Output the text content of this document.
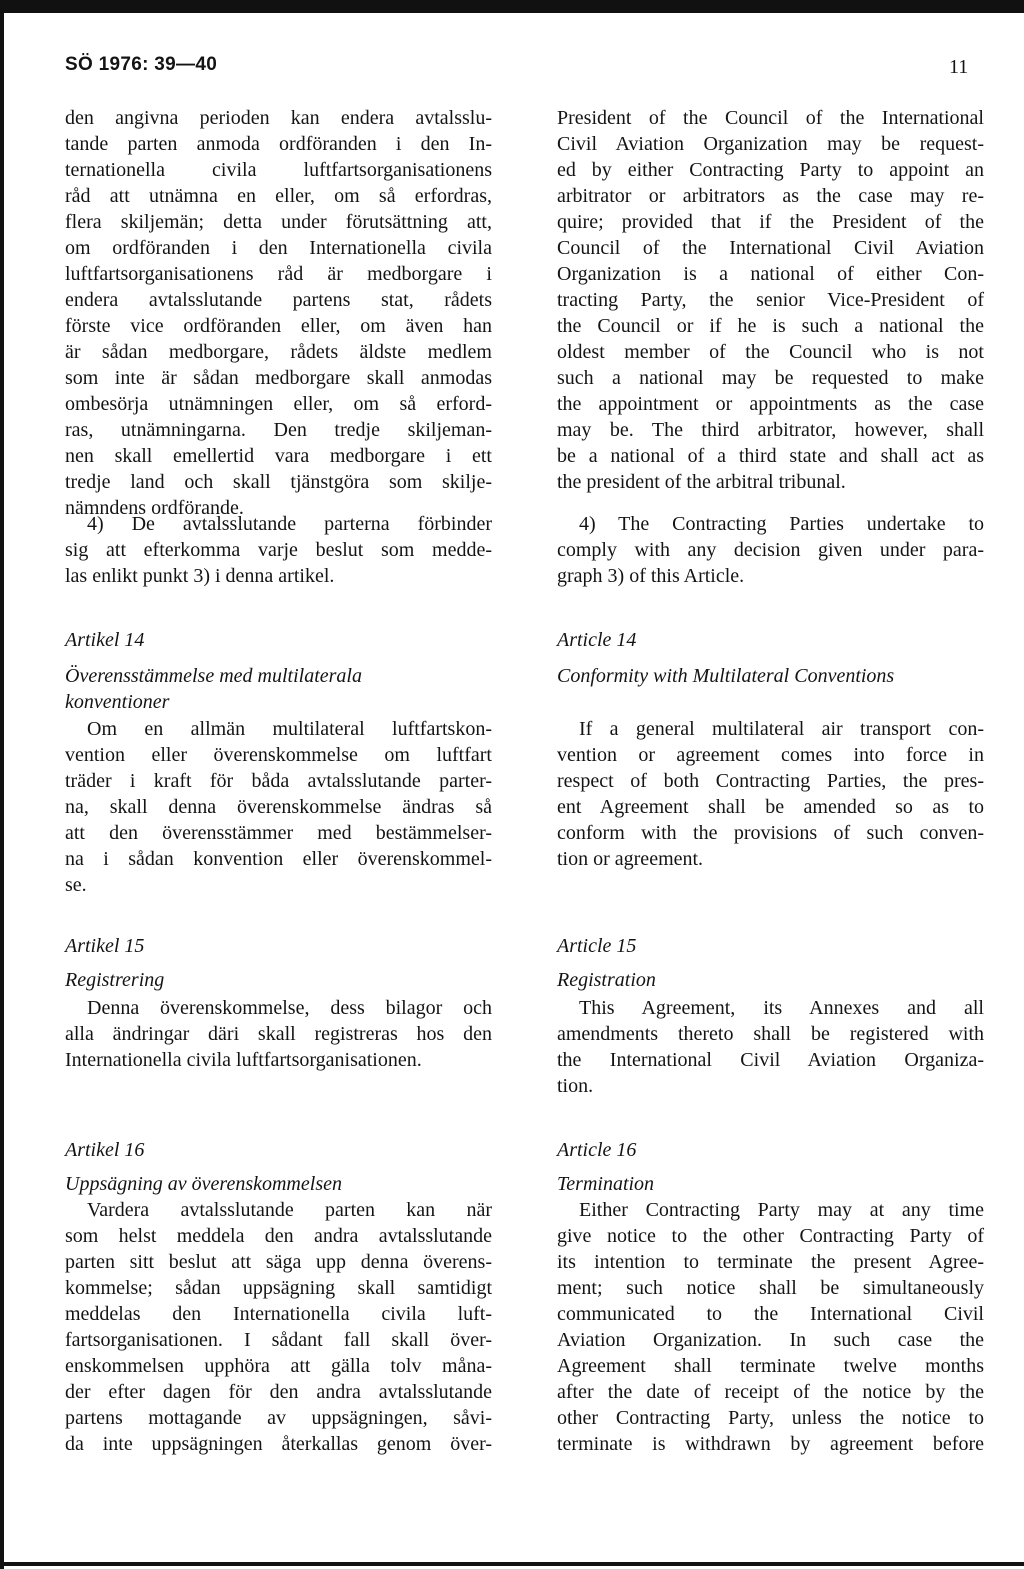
SÖ 1976: 39—40	11
den angivna perioden kan endera avtalsslu-
tande parten anmoda ordföranden i den In-
ternationella civila luftfartsorganisationens
råd att utnämna en eller, om så erfordras,
flera skiljemän; detta under förutsättning att,
om ordföranden i den Internationella civila
luftfartsorganisationens råd är medborgare i
endera avtalsslutande partens stat, rådets
förste vice ordföranden eller, om även han
är sådan medborgare, rådets äldste medlem
som inte är sådan medborgare skall anmodas
ombesörja utnämningen eller, om så erford-
ras, utnämningarna. Den tredje skiljeman-
nen skall emellertid vara medborgare i ett
tredje land och skall tjänstgöra som skilje-
nämndens ordförande.
4) De avtalsslutande parterna förbinder
sig att efterkomma varje beslut som medde-
las enlikt punkt 3) i denna artikel.
Artikel 14
Överensstämmelse med multilaterala
konventioner
Om en allmän multilateral luftfartskon-
vention eller överenskommelse om luftfart
träder i kraft för båda avtalsslutande parter-
na, skall denna överenskommelse ändras så
att den överensstämmer med bestämmelser-
na i sådan konvention eller överenskommel-
se.
Artikel 15
Registrering
Denna överenskommelse, dess bilagor och
alla ändringar däri skall registreras hos den
Internationella civila luftfartsorganisationen.
Artikel 16
Uppsägning av överenskommelsen
Vardera avtalsslutande parten kan när
som helst meddela den andra avtalsslutande
parten sitt beslut att säga upp denna överens-
kommelse; sådan uppsägning skall samtidigt
meddelas den Internationella civila luft-
fartsorganisationen. I sådant fall skall över-
enskommelsen upphöra att gälla tolv måna-
der efter dagen för den andra avtalsslutande
partens mottagande av uppsägningen, såvi-
da inte uppsägningen återkallas genom över-
President of the Council of the International
Civil Aviation Organization may be request-
ed by either Contracting Party to appoint an
arbitrator or arbitrators as the case may re-
quire; provided that if the President of the
Council of the International Civil Aviation
Organization is a national of either Con-
tracting Party, the senior Vice-President of
the Council or if he is such a national the
oldest member of the Council who is not
such a national may be requested to make
the appointment or appointments as the case
may be. The third arbitrator, however, shall
be a national of a third state and shall act as
the president of the arbitral tribunal.
4) The Contracting Parties undertake to
comply with any decision given under para-
graph 3) of this Article.
Article 14
Conformity with Multilateral Conventions
If a general multilateral air transport con-
vention or agreement comes into force in
respect of both Contracting Parties, the pres-
ent Agreement shall be amended so as to
conform with the provisions of such conven-
tion or agreement.
Article 15
Registration
This Agreement, its Annexes and all
amendments thereto shall be registered with
the International Civil Aviation Organiza-
tion.
Article 16
Termination
Either Contracting Party may at any time
give notice to the other Contracting Party of
its intention to terminate the present Agree-
ment; such notice shall be simultaneously
communicated to the International Civil
Aviation Organization. In such case the
Agreement shall terminate twelve months
after the date of receipt of the notice by the
other Contracting Party, unless the notice to
terminate is withdrawn by agreement before
